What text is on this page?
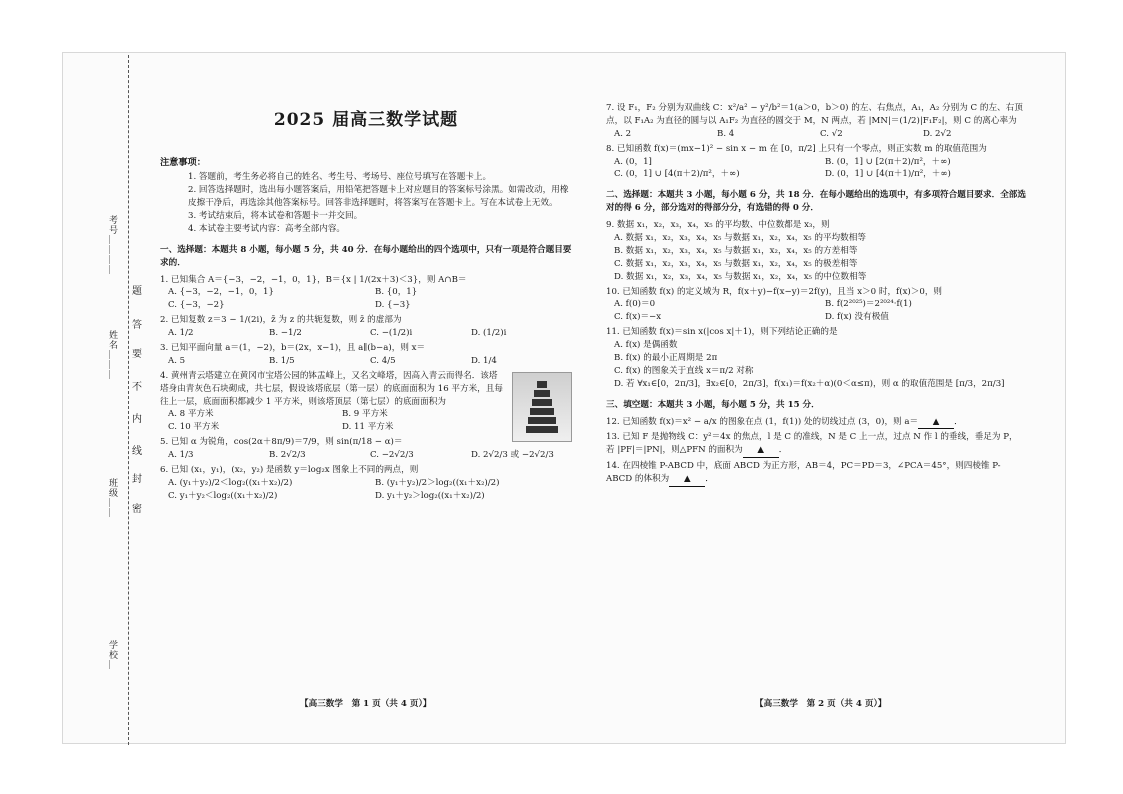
考号＿＿＿＿
姓名＿＿＿
班级＿＿
学校＿
题
答
要
不
内
线
封
密
2025 届高三数学试题
注意事项：
1. 答题前，考生务必将自己的姓名、考生号、考场号、座位号填写在答题卡上。
2. 回答选择题时，选出每小题答案后，用铅笔把答题卡上对应题目的答案标号涂黑。如需改动，用橡皮擦干净后，再选涂其他答案标号。回答非选择题时，将答案写在答题卡上。写在本试卷上无效。
3. 考试结束后，将本试卷和答题卡一并交回。
4. 本试卷主要考试内容：高考全部内容。
一、选择题：本题共 8 小题，每小题 5 分，共 40 分．在每小题给出的四个选项中，只有一项是符合题目要求的．
1. 已知集合 A＝{−3，−2，−1，0，1}，B＝{x | 1/(2x＋3)＜3}，则 A∩B＝
A. {−3，−2，−1，0，1}	B. {0，1}
C. {−3，−2}	D. {−3}
2. 已知复数 z＝3 − 1/(2i)，z̄ 为 z 的共轭复数，则 z̄ 的虚部为
A. 1/2	B. −1/2	C. −(1/2)i	D. (1/2)i
3. 已知平面向量 a＝(1，−2)，b＝(2x，x−1)，且 a∥(b−a)，则 x＝
A. 5	B. 1/5	C. 4/5	D. 1/4
4. 黄州青云塔建立在黄冈市宝塔公园的钵盂峰上，又名文峰塔，因高入青云而得名．该塔塔身由青灰色石块砌成，共七层，假设该塔底层（第一层）的底面面积为 16 平方米，且每往上一层，底面面积都减少 1 平方米，则该塔顶层（第七层）的底面面积为
A. 8 平方米	B. 9 平方米
C. 10 平方米	D. 11 平方米
5. 已知 α 为锐角，cos(2α＋8π/9)＝7/9，则 sin(π/18 − α)＝
A. 1/3	B. 2√2/3	C. −2√2/3	D. 2√2/3 或 −2√2/3
6. 已知 (x₁，y₁)，(x₂，y₂) 是函数 y＝log₂x 图象上不同的两点，则
A. (y₁＋y₂)/2＜log₂((x₁＋x₂)/2)	B. (y₁＋y₂)/2＞log₂((x₁＋x₂)/2)
C. y₁＋y₂＜log₂((x₁＋x₂)/2)	D. y₁＋y₂＞log₂((x₁＋x₂)/2)
【高三数学　第 1 页（共 4 页）】
7. 设 F₁，F₂ 分别为双曲线 C：x²/a² − y²/b²＝1(a＞0，b＞0) 的左、右焦点，A₁，A₂ 分别为 C 的左、右顶点，以 F₁A₂ 为直径的圆与以 A₁F₂ 为直径的圆交于 M，N 两点，若 |MN|＝(1/2)|F₁F₂|，则 C 的离心率为
A. 2	B. 4	C. √2	D. 2√2
8. 已知函数 f(x)＝(mx−1)² − sin x − m 在 [0，π/2] 上只有一个零点，则正实数 m 的取值范围为
A. (0，1]	B. (0，1] ∪ [2(π＋2)/π²，＋∞)
C. (0，1] ∪ [4(π＋2)/π²，＋∞)	D. (0，1] ∪ [4(π＋1)/π²，＋∞)
二、选择题：本题共 3 小题，每小题 6 分，共 18 分．在每小题给出的选项中，有多项符合题目要求．全部选对的得 6 分，部分选对的得部分分，有选错的得 0 分．
9. 数据 x₁，x₂，x₃，x₄，x₅ 的平均数、中位数都是 x₃，则
A. 数据 x₁，x₂，x₃，x₄，x₅ 与数据 x₁，x₂，x₄，x₅ 的平均数相等
B. 数据 x₁，x₂，x₃，x₄，x₅ 与数据 x₁，x₂，x₄，x₅ 的方差相等
C. 数据 x₁，x₂，x₃，x₄，x₅ 与数据 x₁，x₂，x₄，x₅ 的极差相等
D. 数据 x₁，x₂，x₃，x₄，x₅ 与数据 x₁，x₂，x₄，x₅ 的中位数相等
10. 已知函数 f(x) 的定义域为 R，f(x＋y)−f(x−y)＝2f(y)，且当 x＞0 时，f(x)＞0，则
A. f(0)＝0	B. f(2²⁰²⁵)＝2²⁰²⁴·f(1)
C. f(x)＝−x	D. f(x) 没有极值
11. 已知函数 f(x)＝sin x(|cos x|＋1)，则下列结论正确的是
A. f(x) 是偶函数
B. f(x) 的最小正周期是 2π
C. f(x) 的图象关于直线 x＝π/2 对称
D. 若 ∀x₁∈[0，2π/3]，∃x₂∈[0，2π/3]，f(x₁)＝f(x₂＋α)(0＜α≤π)，则 α 的取值范围是 [π/3，2π/3]
三、填空题：本题共 3 小题，每小题 5 分，共 15 分．
12. 已知函数 f(x)＝x² − a/x 的图象在点 (1，f(1)) 处的切线过点 (3，0)，则 a＝ ▲ ．
13. 已知 F 是抛物线 C：y²＝4x 的焦点，l 是 C 的准线，N 是 C 上一点，过点 N 作 l 的垂线，垂足为 P，若 |PF|＝|PN|，则△PFN 的面积为 ▲ ．
14. 在四棱锥 P-ABCD 中，底面 ABCD 为正方形，AB＝4，PC＝PD＝3，∠PCA＝45°，则四棱锥 P-ABCD 的体积为 ▲ ．
【高三数学　第 2 页（共 4 页）】
